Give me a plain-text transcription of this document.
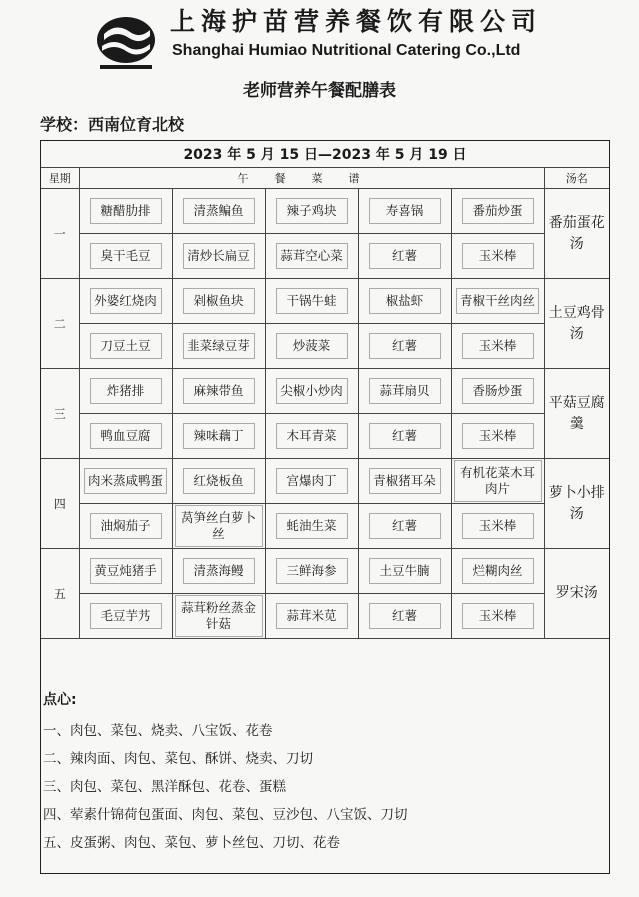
上海护苗营养餐饮有限公司
Shanghai Humiao Nutritional Catering Co.,Ltd
老师营养午餐配膳表
学校：西南位育北校
2023 年 5 月 15 日—2023 年 5 月 19 日						
星期	午餐菜谱					汤名
一	糖醋肋排	清蒸鳊鱼	辣子鸡块	寿喜锅	番茄炒蛋	番茄蛋花汤
	臭干毛豆	清炒长扁豆	蒜茸空心菜	红薯	玉米棒	
二	外婆红烧肉	剁椒鱼块	干锅牛蛙	椒盐虾	青椒干丝肉丝	土豆鸡骨汤
	刀豆土豆	韭菜绿豆芽	炒菠菜	红薯	玉米棒	
三	炸猪排	麻辣带鱼	尖椒小炒肉	蒜茸扇贝	香肠炒蛋	平菇豆腐羹
	鸭血豆腐	辣味藕丁	木耳青菜	红薯	玉米棒	
四	肉米蒸咸鸭蛋	红烧板鱼	宫爆肉丁	青椒猪耳朵	有机花菜木耳肉片	萝卜小排汤
	油焖茄子	莴笋丝白萝卜丝	蚝油生菜	红薯	玉米棒	
五	黄豆炖猪手	清蒸海鳗	三鲜海参	土豆牛腩	烂糊肉丝	罗宋汤
	毛豆芋艿	蒜茸粉丝蒸金针菇	蒜茸米苋	红薯	玉米棒	
点心:
一、肉包、菜包、烧卖、八宝饭、花卷
二、辣肉面、肉包、菜包、酥饼、烧卖、刀切
三、肉包、菜包、黑洋酥包、花卷、蛋糕
四、荤素什锦荷包蛋面、肉包、菜包、豆沙包、八宝饭、刀切
五、皮蛋粥、肉包、菜包、萝卜丝包、刀切、花卷
